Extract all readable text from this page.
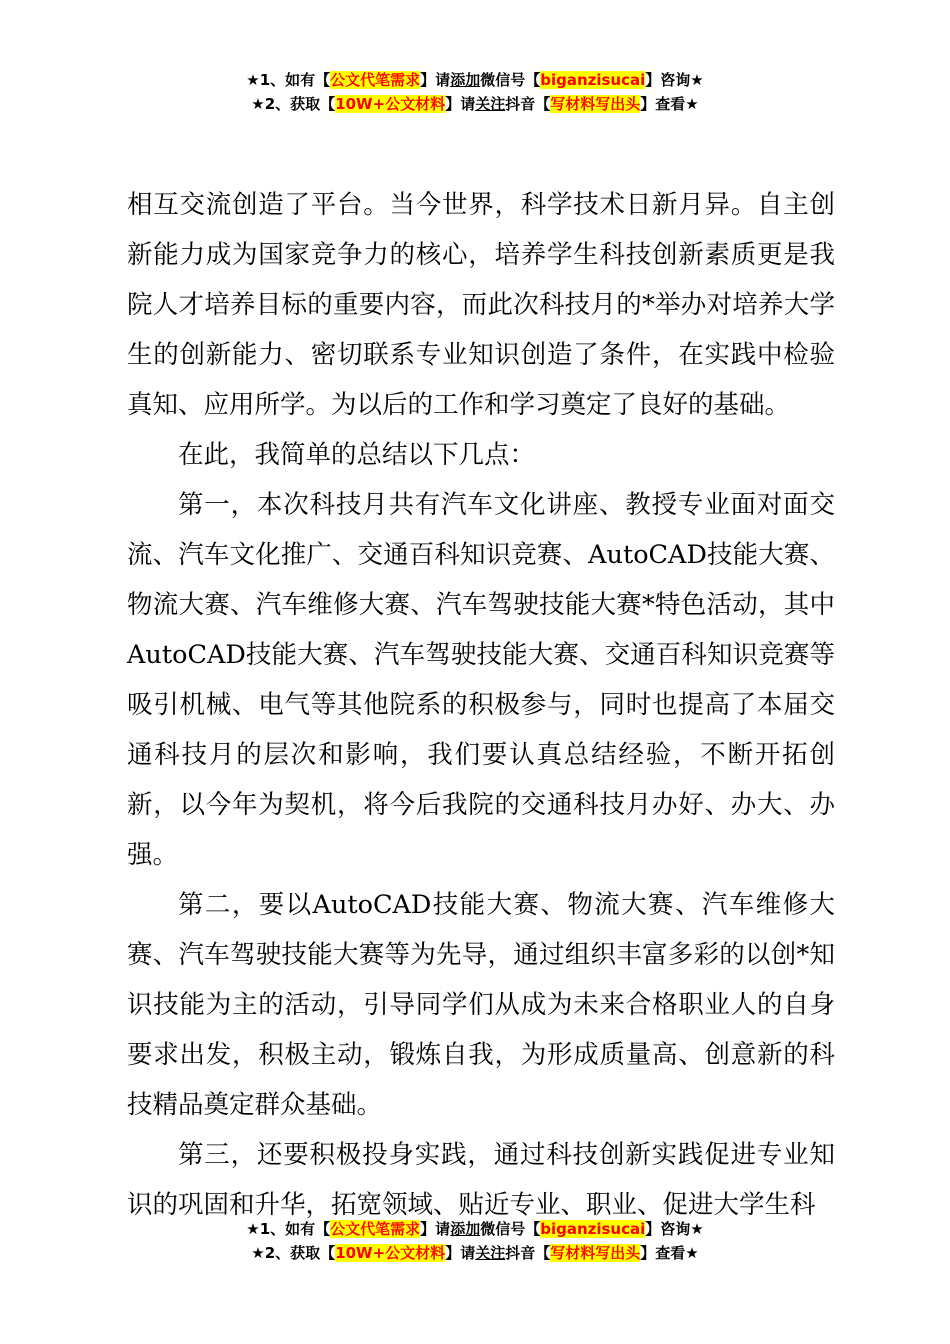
★1、如有【公文代笔需求】请添加微信号【biganzisucai】咨询★
★2、获取【10W+公文材料】请关注抖音【写材料写出头】查看★

相互交流创造了平台。当今世界，科学技术日新月异。自主创新能力成为国家竞争力的核心，培养学生科技创新素质更是我院人才培养目标的重要内容，而此次科技月的*举办对培养大学生的创新能力、密切联系专业知识创造了条件，在实践中检验真知、应用所学。为以后的工作和学习奠定了良好的基础。

在此，我简单的总结以下几点：

第一，本次科技月共有汽车文化讲座、教授专业面对面交流、汽车文化推广、交通百科知识竞赛、AutoCAD技能大赛、物流大赛、汽车维修大赛、汽车驾驶技能大赛*特色活动，其中AutoCAD技能大赛、汽车驾驶技能大赛、交通百科知识竞赛等吸引机械、电气等其他院系的积极参与，同时也提高了本届交通科技月的层次和影响，我们要认真总结经验，不断开拓创新，以今年为契机，将今后我院的交通科技月办好、办大、办强。

第二，要以AutoCAD技能大赛、物流大赛、汽车维修大赛、汽车驾驶技能大赛等为先导，通过组织丰富多彩的以创*知识技能为主的活动，引导同学们从成为未来合格职业人的自身要求出发，积极主动，锻炼自我，为形成质量高、创意新的科技精品奠定群众基础。

第三，还要积极投身实践，通过科技创新实践促进专业知识的巩固和升华，拓宽领域、贴近专业、职业、促进大学生科

★1、如有【公文代笔需求】请添加微信号【biganzisucai】咨询★
★2、获取【10W+公文材料】请关注抖音【写材料写出头】查看★
